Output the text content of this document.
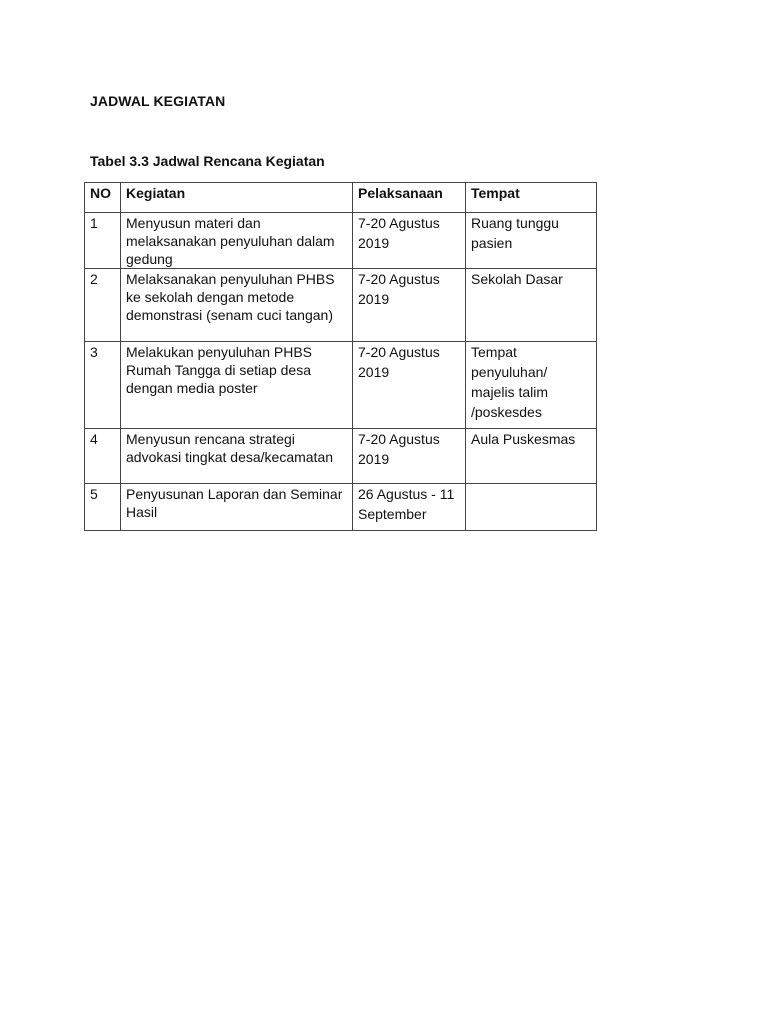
JADWAL KEGIATAN
Tabel 3.3 Jadwal Rencana Kegiatan
NO	Kegiatan	Pelaksanaan	Tempat

1	Menyusun materi dan melaksanakan penyuluhan dalam gedung	7-20 Agustus 2019	Ruang tunggu pasien

2	Melaksanakan penyuluhan PHBS ke sekolah dengan metode demonstrasi (senam cuci tangan)	7-20 Agustus 2019	Sekolah Dasar

3	Melakukan penyuluhan PHBS Rumah Tangga di setiap desa dengan media poster	7-20 Agustus 2019	Tempat penyuluhan/ majelis talim /poskesdes

4	Menyusun rencana strategi advokasi tingkat desa/kecamatan	7-20 Agustus 2019	Aula Puskesmas

5	Penyusunan Laporan dan Seminar Hasil	26 Agustus - 11 September	
